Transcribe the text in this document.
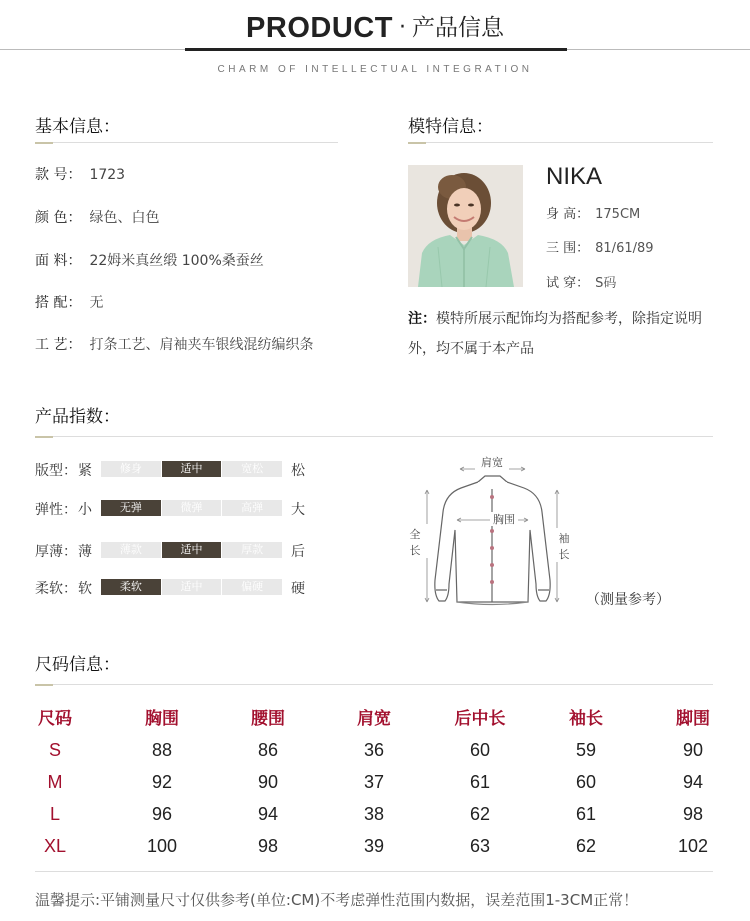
PRODUCT · 产品信息
CHARM OF INTELLECTUAL INTEGRATION
基本信息：
款 号： 1723
颜 色： 绿色、白色
面 料： 22姆米真丝缎 100%桑蚕丝
搭 配： 无
工 艺： 打条工艺、肩袖夹车银线混纺编织条
模特信息：
NIKA
身 高： 175CM
三 围： 81/61/89
试 穿： S码
注：模特所展示配饰均为搭配参考，除指定说明外，均不属于本产品
产品指数：
版型： 紧	修身	适中	宽松	松
弹性： 小	无弹	微弹	高弹	大
厚薄： 薄	薄款	适中	厚款	后
柔软： 软	柔软	适中	偏硬	硬
肩宽
胸围
全
长
袖
长
（测量参考）
尺码信息：
尺码	胸围	腰围	肩宽	后中长	袖长	脚围
S	88	86	36	60	59	90
M	92	90	37	61	60	94
L	96	94	38	62	61	98
XL	100	98	39	63	62	102
温馨提示:平铺测量尺寸仅供参考(单位:CM)不考虑弹性范围内数据，误差范围1-3CM正常！
